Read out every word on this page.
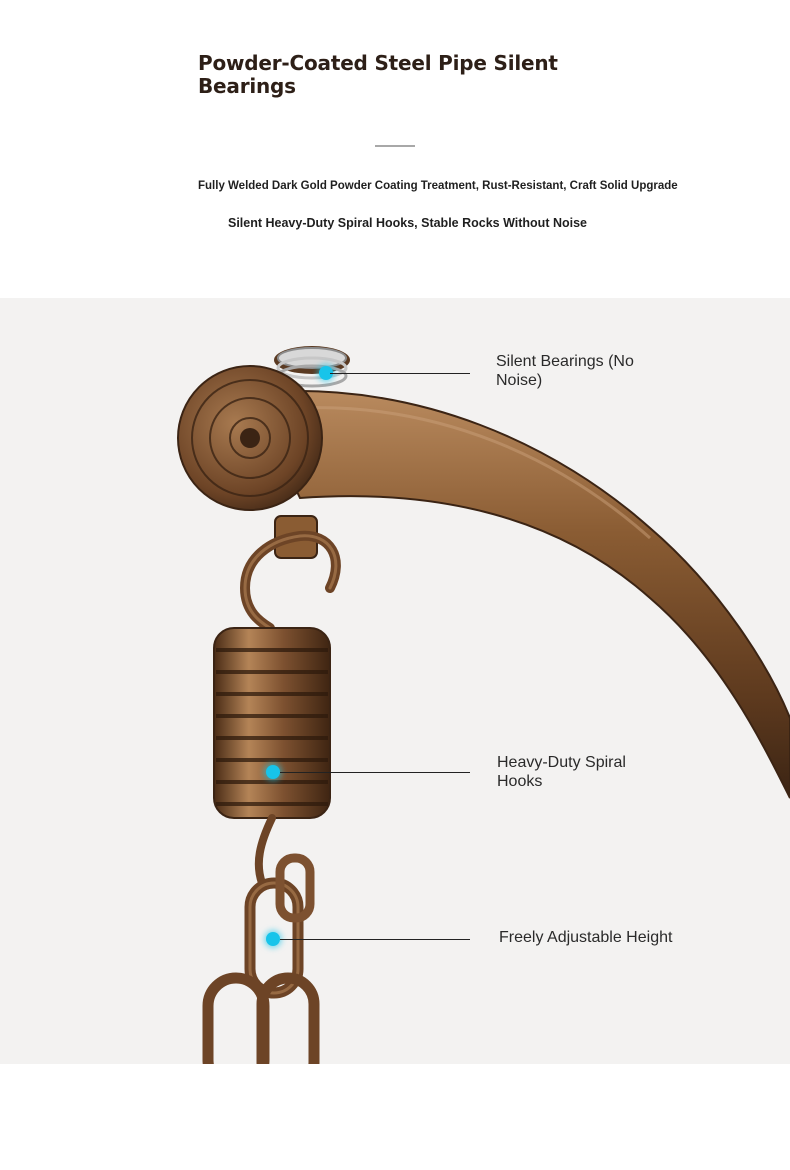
Powder-Coated Steel Pipe Silent Bearings
Fully Welded Dark Gold Powder Coating Treatment, Rust-Resistant, Craft Solid Upgrade
Silent Heavy-Duty Spiral Hooks, Stable Rocks Without Noise
Silent Bearings (No Noise)
Heavy-Duty Spiral Hooks
Freely Adjustable Height
